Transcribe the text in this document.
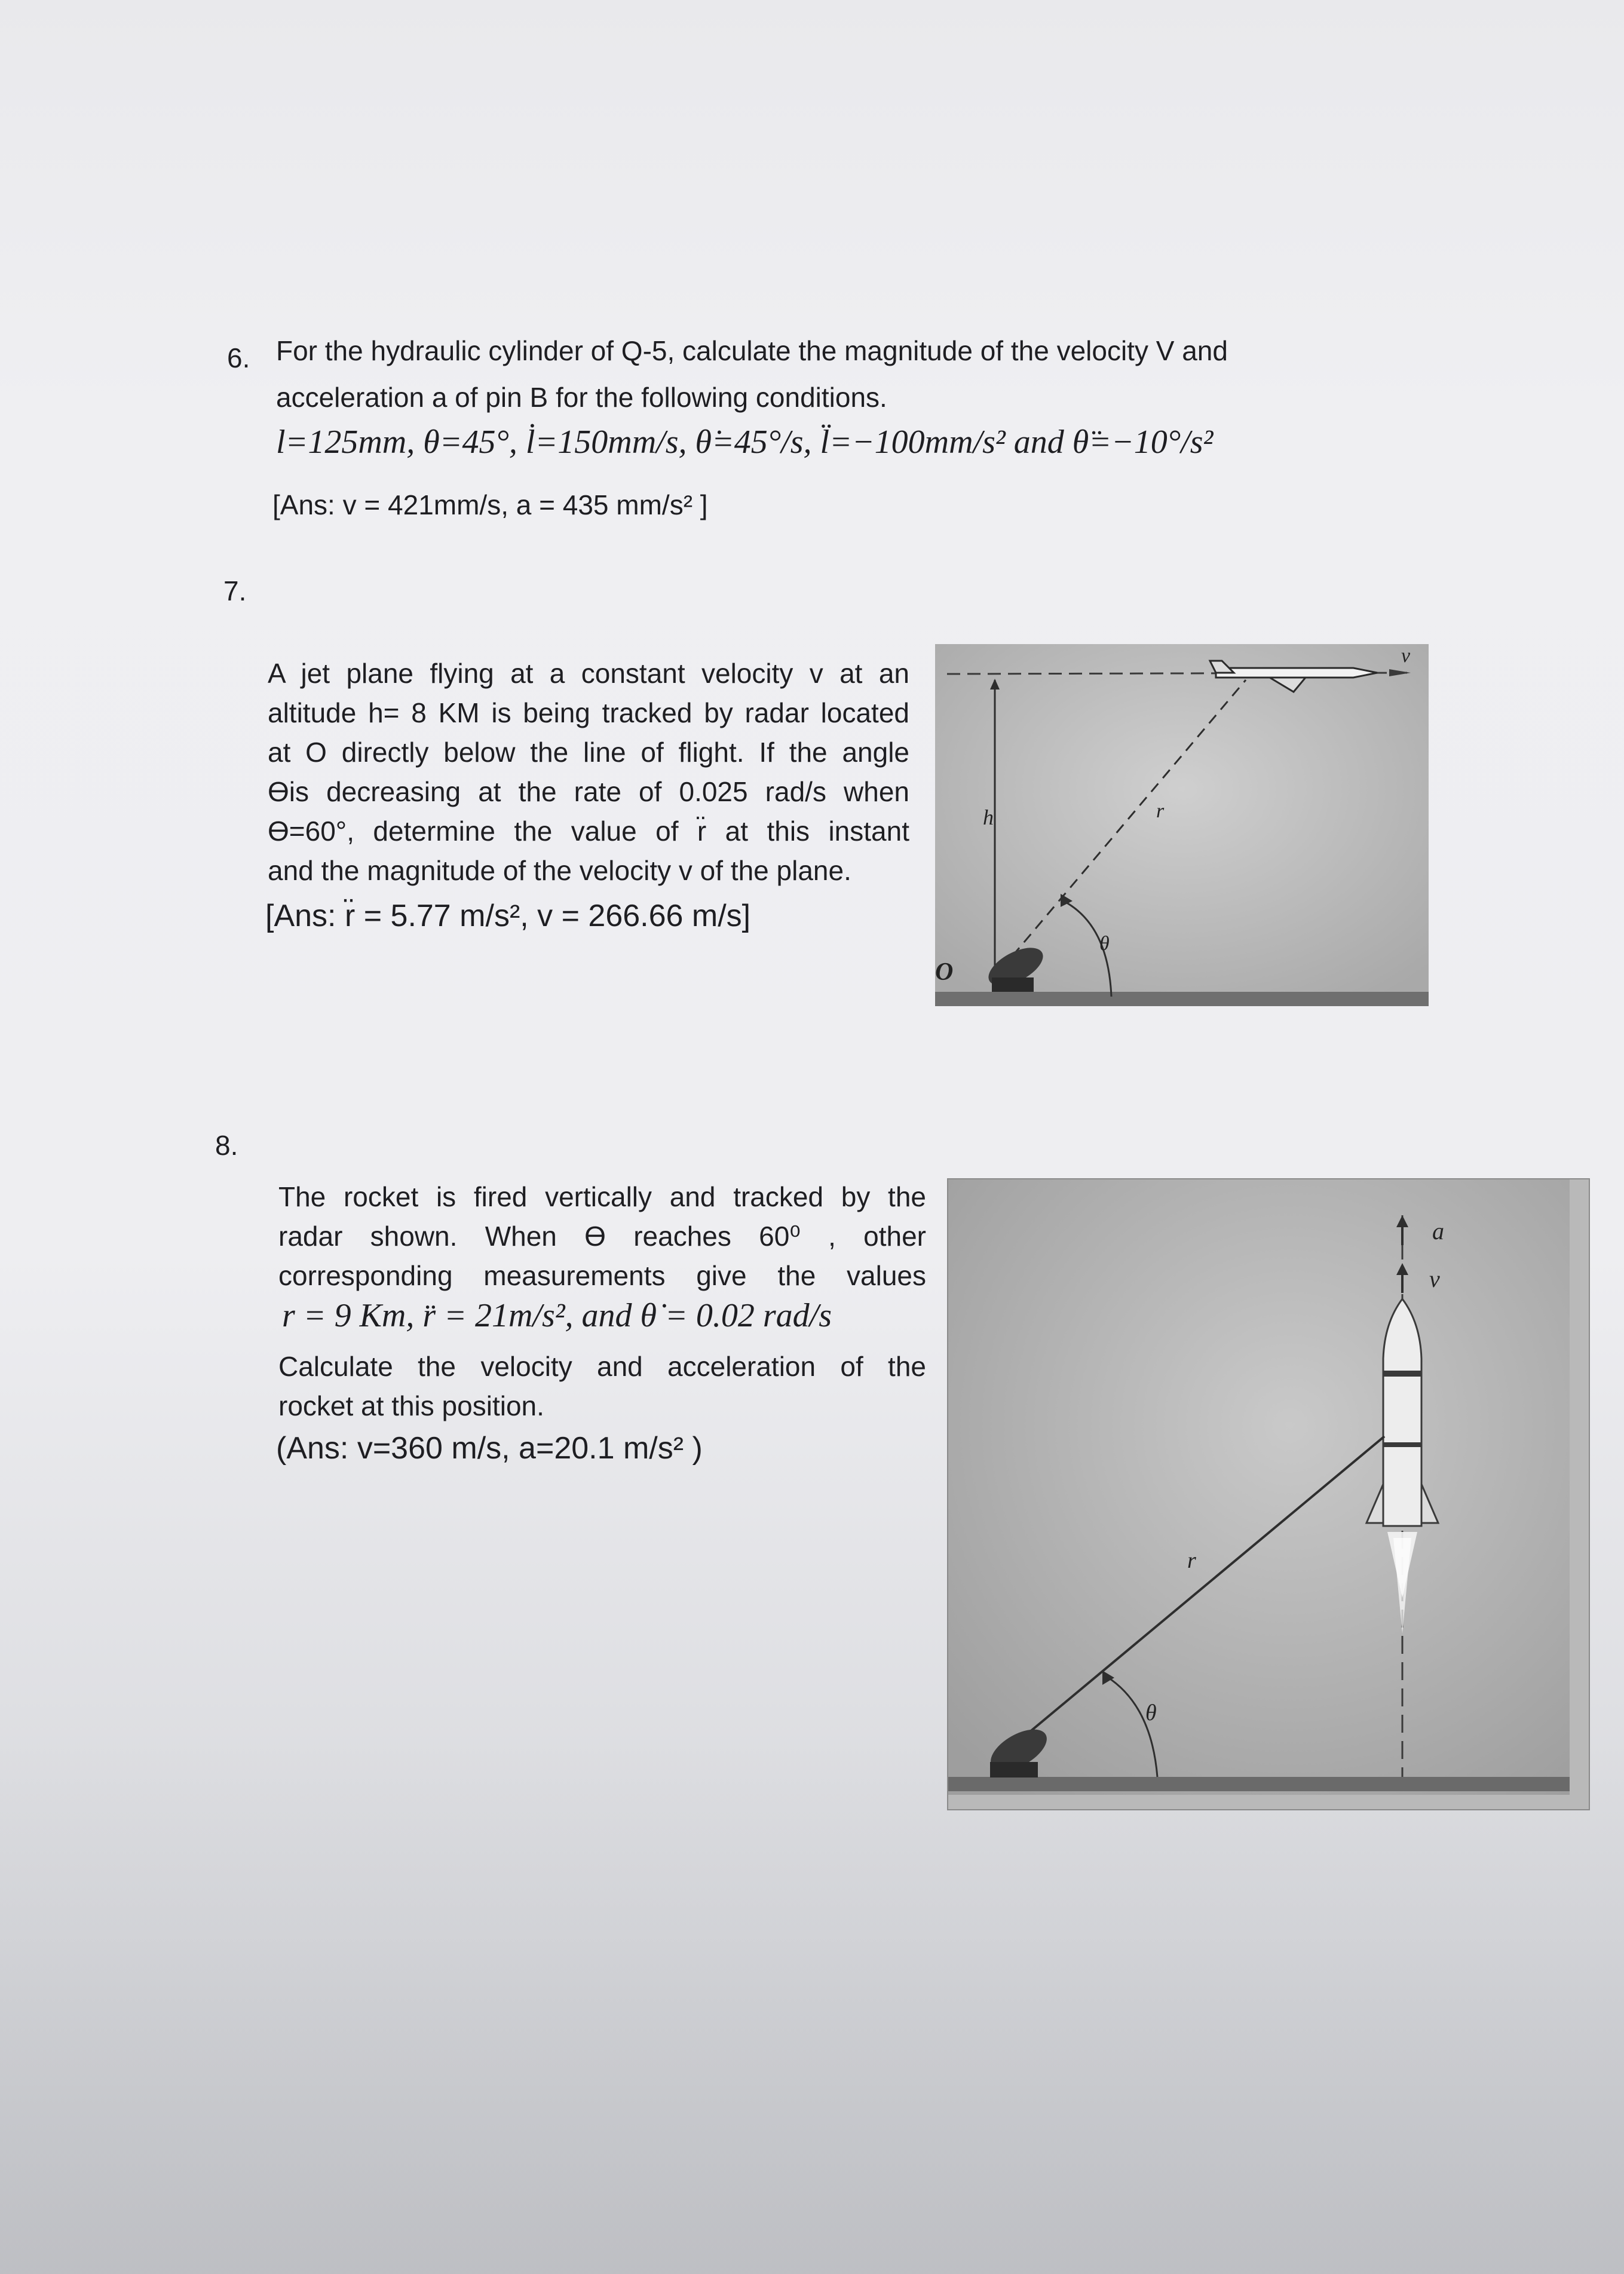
6. For the hydraulic cylinder of Q-5, calculate the magnitude of the velocity V and
acceleration a of pin B for the following conditions.
l=125mm, θ=45°, l̇=150mm/s, θ̇=45°/s, l̈=−100mm/s² and θ̈=−10°/s²
[Ans: v = 421mm/s, a = 435 mm/s² ]
7.
A jet plane flying at a constant velocity v at an
altitude h= 8 KM is being tracked by radar located
at O directly below the line of flight. If the angle
ϴis decreasing at the rate of 0.025 rad/s when
ϴ=60°, determine the value of r̈ at this instant
and the magnitude of the velocity v of the plane.
[Ans: r̈ = 5.77 m/s², v = 266.66 m/s]
v
h	r
θ
O
8.
The rocket is fired vertically and tracked by the
radar shown. When ϴ reaches 60⁰ , other
corresponding measurements give the values
r = 9 Km, r̈ = 21m/s², and θ̇ = 0.02 rad/s
Calculate the velocity and acceleration of the
rocket at this position.
(Ans: v=360 m/s, a=20.1 m/s² )
a
v
r
θ
